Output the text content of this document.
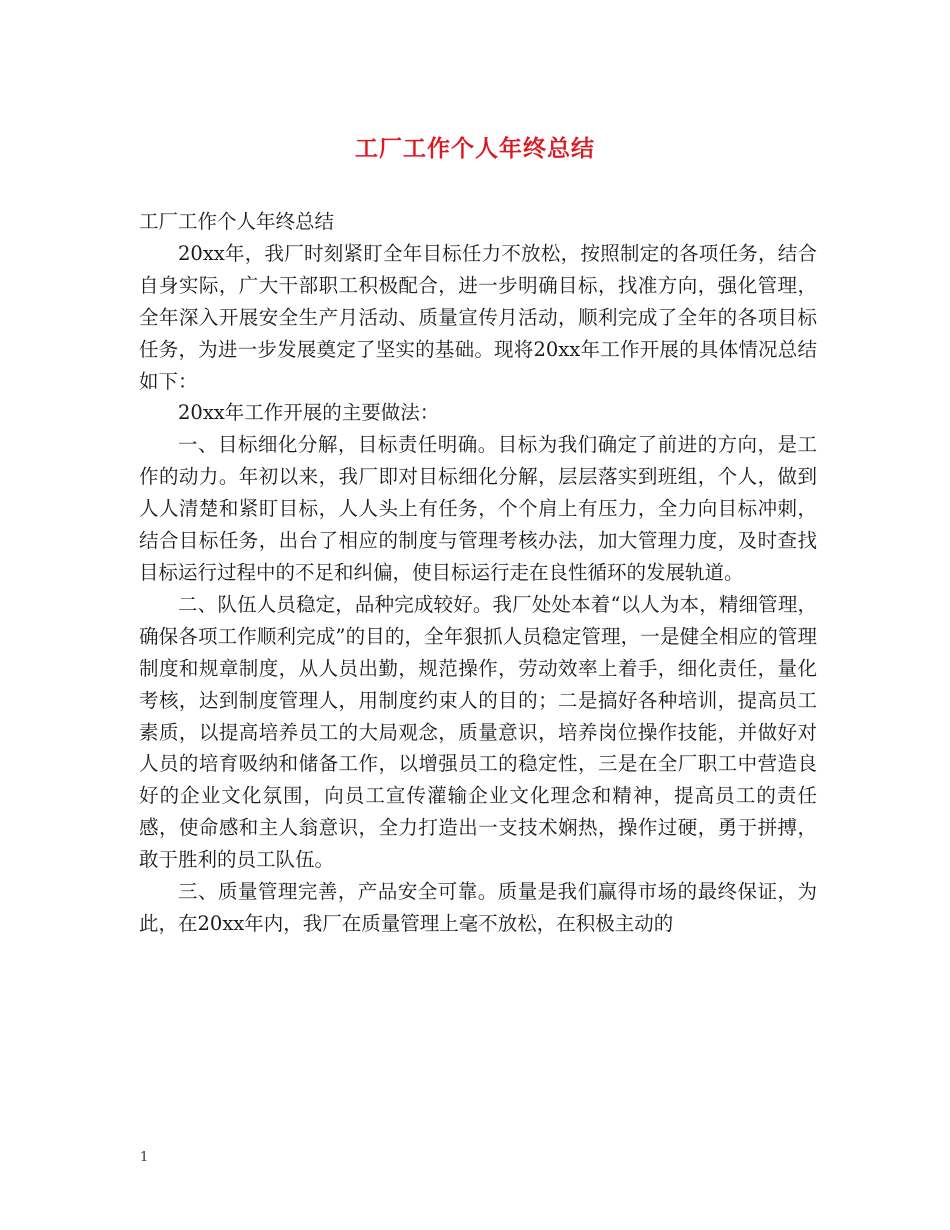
工厂工作个人年终总结

工厂工作个人年终总结

20xx年，我厂时刻紧盯全年目标任力不放松，按照制定的各项任务，结合自身实际，广大干部职工积极配合，进一步明确目标，找准方向，强化管理，全年深入开展安全生产月活动、质量宣传月活动，顺利完成了全年的各项目标任务，为进一步发展奠定了坚实的基础。现将20xx年工作开展的具体情况总结如下：

20xx年工作开展的主要做法：

一、目标细化分解，目标责任明确。目标为我们确定了前进的方向，是工作的动力。年初以来，我厂即对目标细化分解，层层落实到班组，个人，做到人人清楚和紧盯目标，人人头上有任务，个个肩上有压力，全力向目标冲刺，结合目标任务，出台了相应的制度与管理考核办法，加大管理力度，及时查找目标运行过程中的不足和纠偏，使目标运行走在良性循环的发展轨道。

二、队伍人员稳定，品种完成较好。我厂处处本着“以人为本，精细管理，确保各项工作顺利完成”的目的，全年狠抓人员稳定管理，一是健全相应的管理制度和规章制度，从人员出勤，规范操作，劳动效率上着手，细化责任，量化考核，达到制度管理人，用制度约束人的目的；二是搞好各种培训，提高员工素质，以提高培养员工的大局观念，质量意识，培养岗位操作技能，并做好对人员的培育吸纳和储备工作，以增强员工的稳定性，三是在全厂职工中营造良好的企业文化氛围，向员工宣传灌输企业文化理念和精神，提高员工的责任感，使命感和主人翁意识，全力打造出一支技术娴热，操作过硬，勇于拼搏，敢于胜利的员工队伍。

三、质量管理完善，产品安全可靠。质量是我们赢得市场的最终保证，为此，在20xx年内，我厂在质量管理上毫不放松，在积极主动的

1
